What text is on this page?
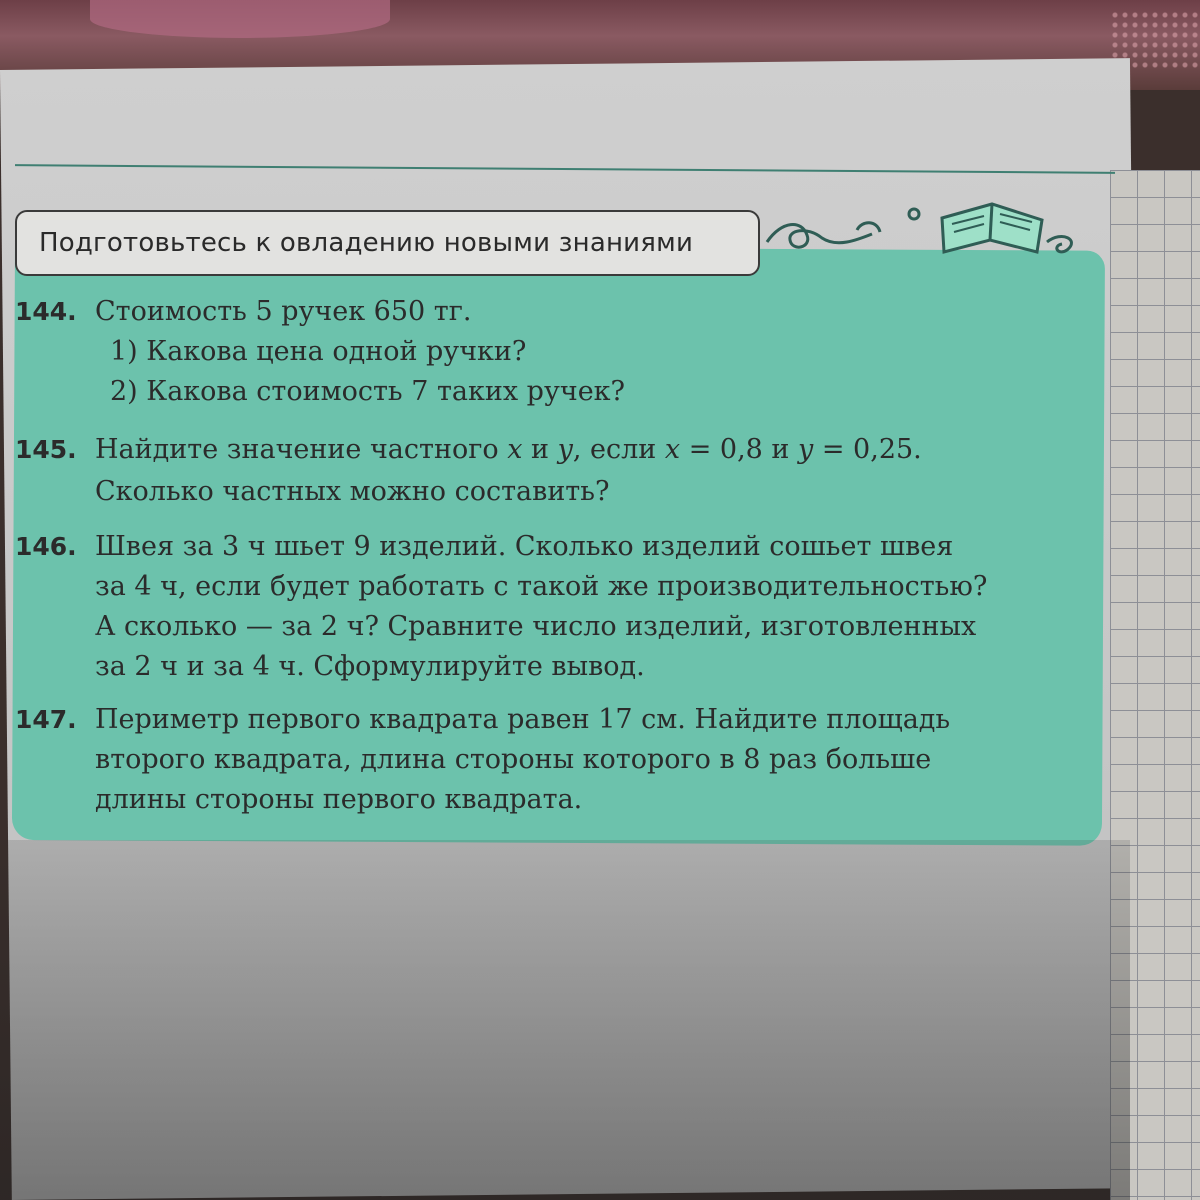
Подготовьтесь к овладению новыми знаниями
144. Стоимость 5 ручек 650 тг.
1) Какова цена одной ручки?
2) Какова стоимость 7 таких ручек?
145. Найдите значение частного x и y, если x = 0,8 и y = 0,25.
Сколько частных можно составить?
146. Швея за 3 ч шьет 9 изделий. Сколько изделий сошьет швея
за 4 ч, если будет работать с такой же производительностью?
А сколько — за 2 ч? Сравните число изделий, изготовленных
за 2 ч и за 4 ч. Сформулируйте вывод.
147. Периметр первого квадрата равен 17 см. Найдите площадь
второго квадрата, длина стороны которого в 8 раз больше
длины стороны первого квадрата.
